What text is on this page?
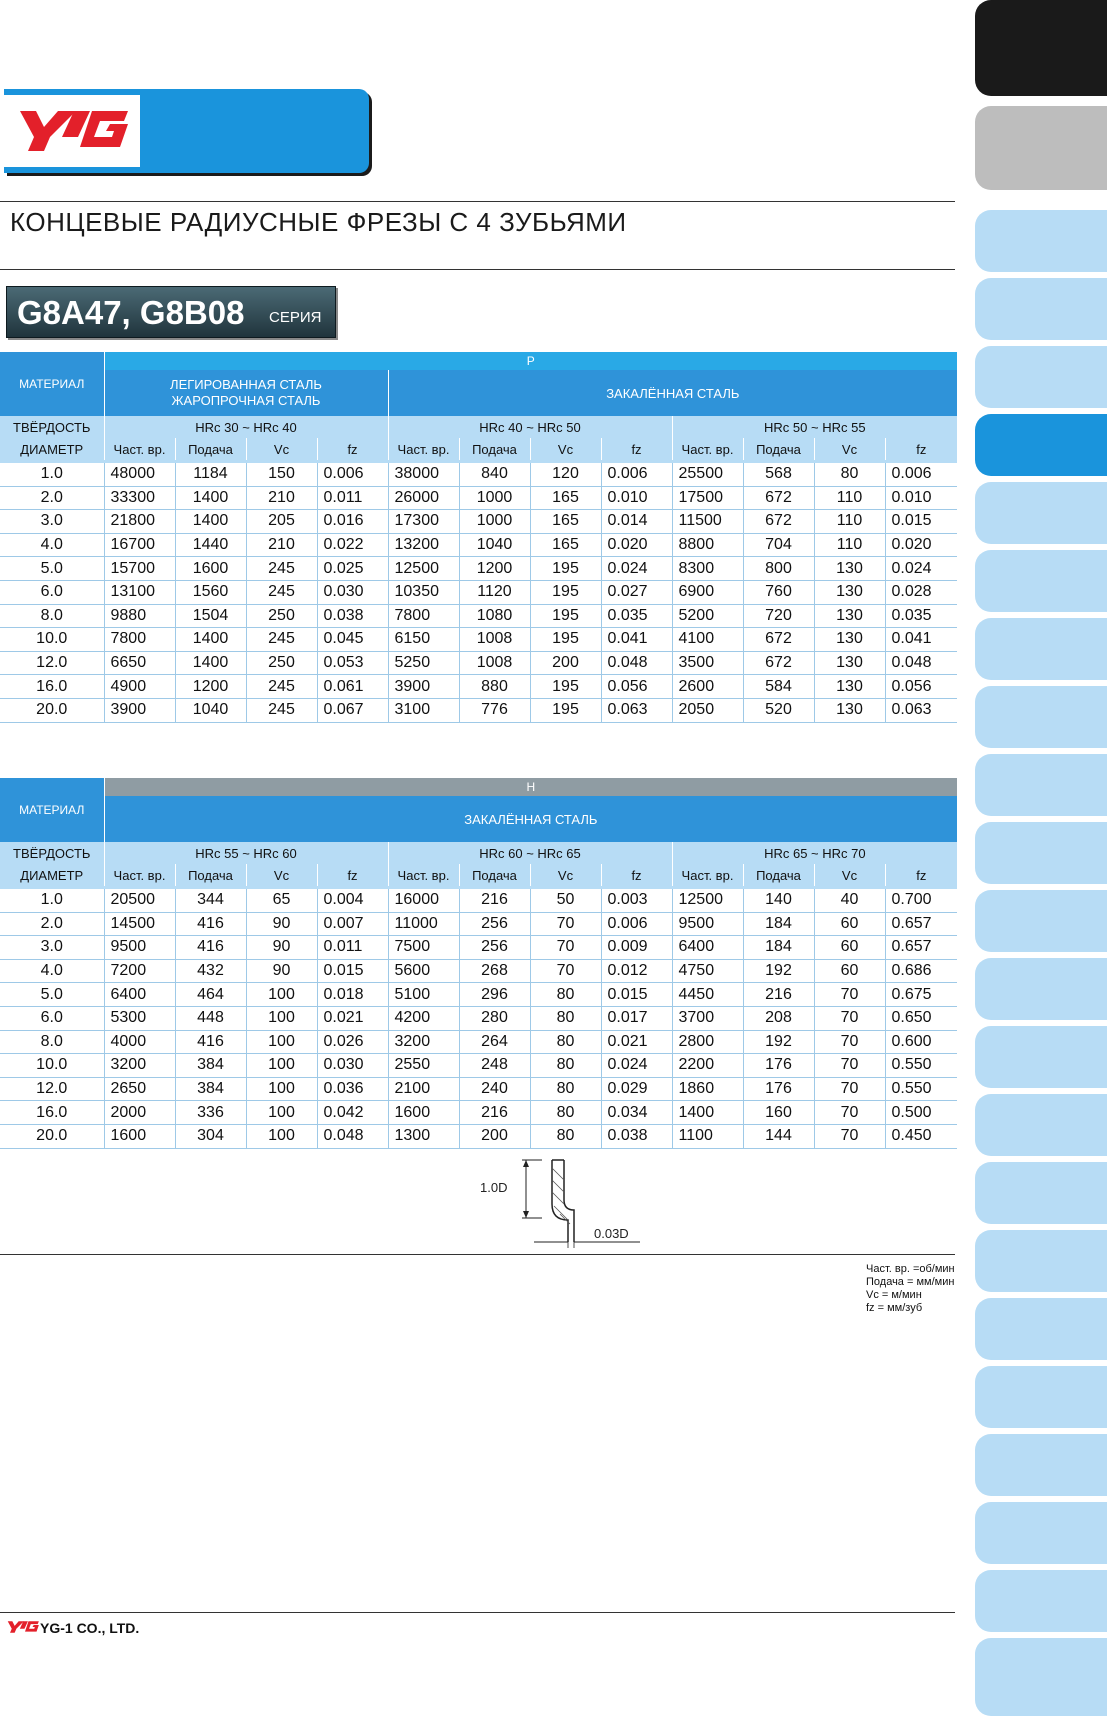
КОНЦЕВЫЕ РАДИУСНЫЕ ФРЕЗЫ С 4 ЗУБЬЯМИ
G8A47, G8B08 СЕРИЯ
МАТЕРИАЛ	P											

	ЛЕГИРОВАННАЯ СТАЛЬ
ЖАРОПРОЧНАЯ СТАЛЬ				ЗАКАЛЁННАЯ СТАЛЬ							
ТВЁРДОСТЬ	HRc 30 ~ HRc 40				HRc 40 ~ HRc 50				HRc 50 ~ HRc 55			
ДИАМЕТР	Част. вр.	Подача	Vc	fz	Част. вр.	Подача	Vc	fz	Част. вр.	Подача	Vc	fz

1.0	48000	1184	150	0.006	38000	840	120	0.006	25500	568	80	0.006
2.0	33300	1400	210	0.011	26000	1000	165	0.010	17500	672	110	0.010
3.0	21800	1400	205	0.016	17300	1000	165	0.014	11500	672	110	0.015
4.0	16700	1440	210	0.022	13200	1040	165	0.020	8800	704	110	0.020
5.0	15700	1600	245	0.025	12500	1200	195	0.024	8300	800	130	0.024
6.0	13100	1560	245	0.030	10350	1120	195	0.027	6900	760	130	0.028
8.0	9880	1504	250	0.038	7800	1080	195	0.035	5200	720	130	0.035
10.0	7800	1400	245	0.045	6150	1008	195	0.041	4100	672	130	0.041
12.0	6650	1400	250	0.053	5250	1008	200	0.048	3500	672	130	0.048
16.0	4900	1200	245	0.061	3900	880	195	0.056	2600	584	130	0.056
20.0	3900	1040	245	0.067	3100	776	195	0.063	2050	520	130	0.063
МАТЕРИАЛ	H											
	ЗАКАЛЁННАЯ СТАЛЬ											
ТВЁРДОСТЬ	HRc 55 ~ HRc 60				HRc 60 ~ HRc 65				HRc 65 ~ HRc 70			
ДИАМЕТР	Част. вр.	Подача	Vc	fz	Част. вр.	Подача	Vc	fz	Част. вр.	Подача	Vc	fz

1.0	20500	344	65	0.004	16000	216	50	0.003	12500	140	40	0.700
2.0	14500	416	90	0.007	11000	256	70	0.006	9500	184	60	0.657
3.0	9500	416	90	0.011	7500	256	70	0.009	6400	184	60	0.657
4.0	7200	432	90	0.015	5600	268	70	0.012	4750	192	60	0.686
5.0	6400	464	100	0.018	5100	296	80	0.015	4450	216	70	0.675
6.0	5300	448	100	0.021	4200	280	80	0.017	3700	208	70	0.650
8.0	4000	416	100	0.026	3200	264	80	0.021	2800	192	70	0.600
10.0	3200	384	100	0.030	2550	248	80	0.024	2200	176	70	0.550
12.0	2650	384	100	0.036	2100	240	80	0.029	1860	176	70	0.550
16.0	2000	336	100	0.042	1600	216	80	0.034	1400	160	70	0.500
20.0	1600	304	100	0.048	1300	200	80	0.038	1100	144	70	0.450
1.0D
0.03D
Част. вр. =об/мин
Подача = мм/мин
Vc = м/мин
fz = мм/зуб
YG-1 CO., LTD.
